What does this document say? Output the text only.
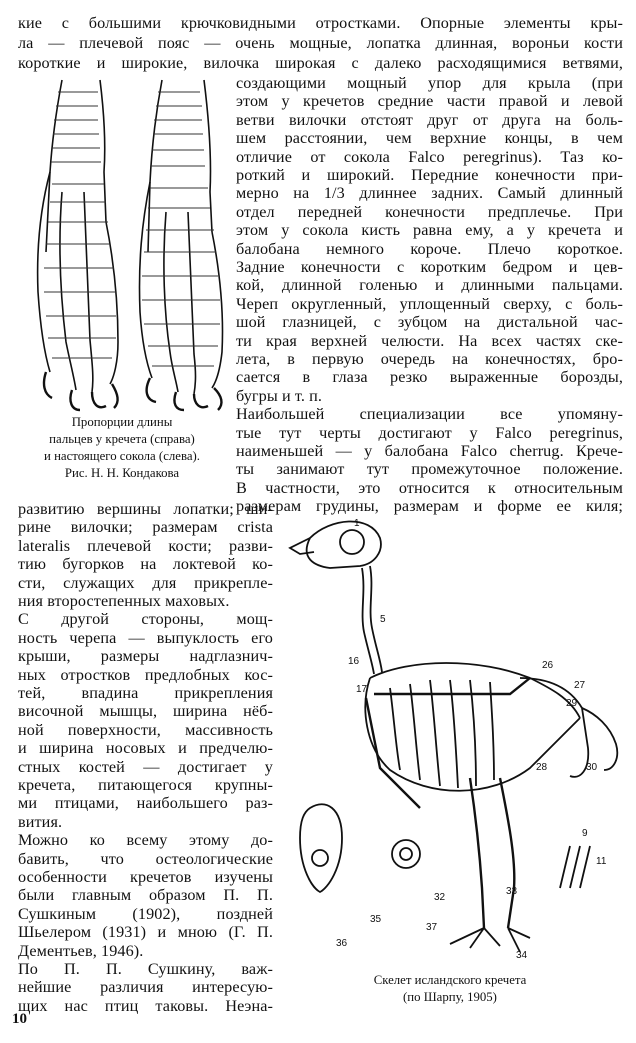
кие с большими крючковидными отростками. Опорные элементы кры-
ла — плечевой пояс — очень мощные, лопатка длинная, вороньи кости
короткие и широкие, вилочка широкая с далеко расходящимися ветвями,
создающими мощный упор для крыла (при
этом у кречетов средние части правой и левой
ветви вилочки отстоят друг от друга на боль-
шем расстоянии, чем верхние концы, в чем
отличие от сокола Falco peregrinus). Таз ко-
роткий и широкий. Передние конечности при-
мерно на 1/3 длиннее задних. Самый длинный
отдел передней конечности предплечье. При
этом у сокола кисть равна ему, а у кречета и
балобана немного короче. Плечо короткое.
Задние конечности с коротким бедром и цев-
кой, длинной голенью и длинными пальцами.
Череп округленный, уплощенный сверху, с боль-
шой глазницей, с зубцом на дистальной час-
ти края верхней челюсти. На всех частях ске-
лета, в первую очередь на конечностях, бро-
сается в глаза резко выраженные борозды,
бугры и т. п.
Наибольшей специализации все упомяну-
тые тут черты достигают у Falco peregrinus,
наименьшей — у балобана Falco cherrug. Крече-
ты занимают тут промежуточное положение.
В частности, это относится к относительным
размерам грудины, размерам и форме ее киля;
Пропорции длины
пальцев у кречета (справа)
и настоящего сокола (слева).
Рис. Н. Н. Кондакова
развитию вершины лопатки; ши-
рине вилочки; размерам crista
lateralis плечевой кости; разви-
тию бугорков на локтевой ко-
сти, служащих для прикрепле-
ния второстепенных маховых.
С другой стороны, мощ-
ность черепа — выпуклость его
крыши, размеры надглазнич-
ных отростков предлобных кос-
тей, впадина прикрепления
височной мышцы, ширина нёб-
ной поверхности, массивность
и ширина носовых и предчелю-
стных костей — достигает у
кречета, питающегося крупны-
ми птицами, наибольшего раз-
вития.
Можно ко всему этому до-
бавить, что остеологические
особенности кречетов изучены
были главным образом П. П.
Сушкиным (1902), поздней
Шьелером (1931) и мною (Г. П.
Дементьев, 1946).
По П. П. Сушкину, важ-
нейшие различия интересую-
щих нас птиц таковы. Неэна-
1
5
16
17
26
27
29
28	30
32
33
34
35
36
37
9
11
Скелет исландского кречета
(по Шарпу, 1905)
10
